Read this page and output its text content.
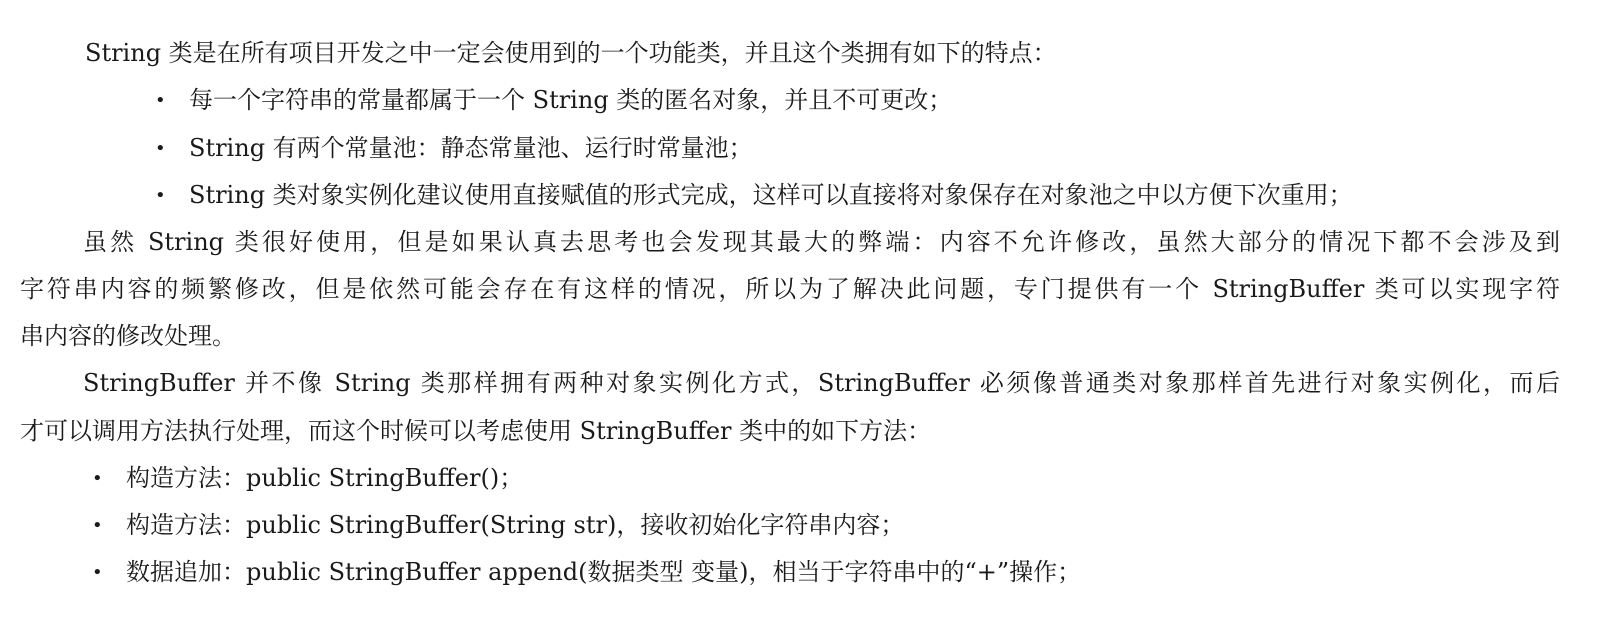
String 类是在所有项目开发之中一定会使用到的一个功能类，并且这个类拥有如下的特点：
• 每一个字符串的常量都属于一个 String 类的匿名对象，并且不可更改；
• String 有两个常量池：静态常量池、运行时常量池；
• String 类对象实例化建议使用直接赋值的形式完成，这样可以直接将对象保存在对象池之中以方便下次重用；
虽然 String 类很好使用，但是如果认真去思考也会发现其最大的弊端：内容不允许修改，虽然大部分的情况下都不会涉及到
字符串内容的频繁修改，但是依然可能会存在有这样的情况，所以为了解决此问题，专门提供有一个 StringBuffer 类可以实现字符
串内容的修改处理。
StringBuffer 并不像 String 类那样拥有两种对象实例化方式，StringBuffer 必须像普通类对象那样首先进行对象实例化，而后
才可以调用方法执行处理，而这个时候可以考虑使用 StringBuffer 类中的如下方法：
• 构造方法：public StringBuffer()；
• 构造方法：public StringBuffer(String str)，接收初始化字符串内容；
• 数据追加：public StringBuffer append(数据类型 变量)，相当于字符串中的“+”操作；
